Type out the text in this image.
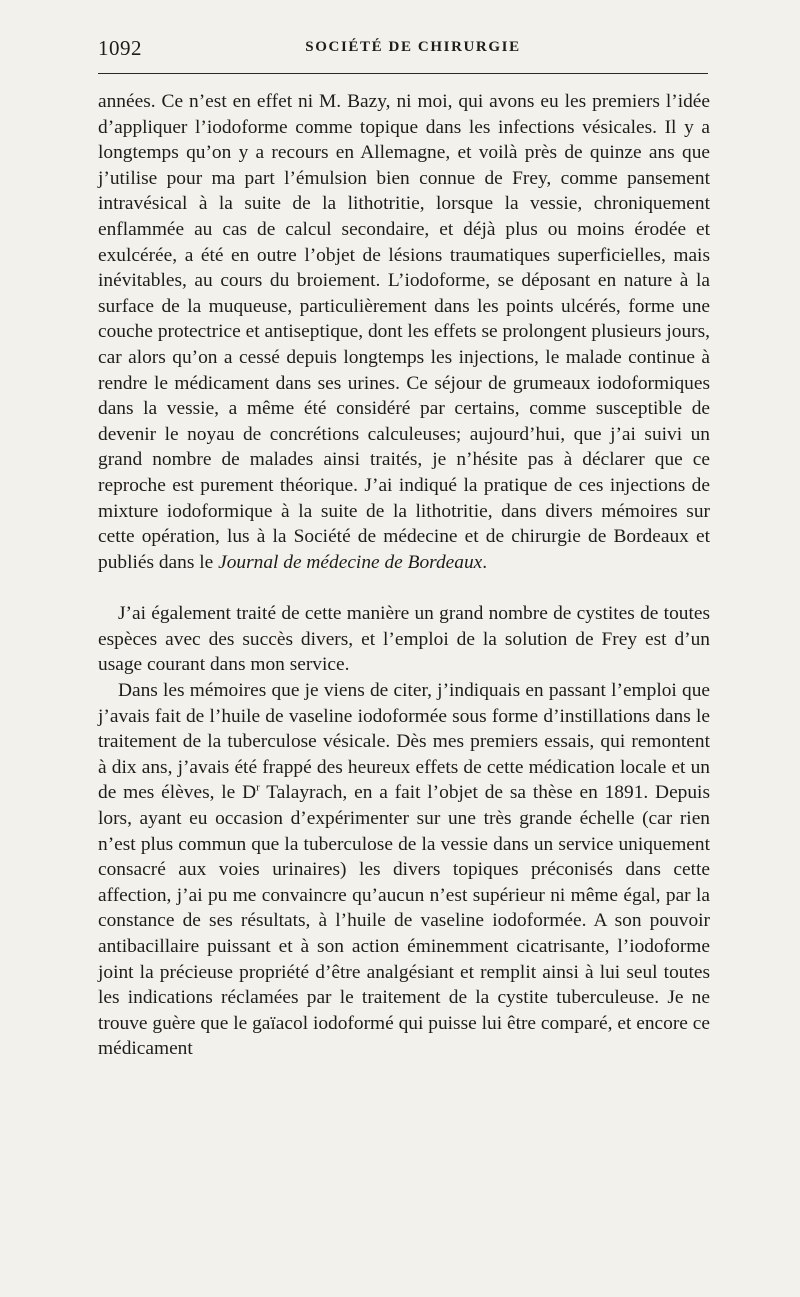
1092	SOCIÉTÉ DE CHIRURGIE

années. Ce n’est en effet ni M. Bazy, ni moi, qui avons eu les premiers l’idée d’appliquer l’iodoforme comme topique dans les infections vésicales. Il y a longtemps qu’on y a recours en Allemagne, et voilà près de quinze ans que j’utilise pour ma part l’émulsion bien connue de Frey, comme pansement intravésical à la suite de la lithotritie, lorsque la vessie, chroniquement enflammée au cas de calcul secondaire, et déjà plus ou moins érodée et exulcérée, a été en outre l’objet de lésions traumatiques superficielles, mais inévitables, au cours du broiement. L’iodoforme, se déposant en nature à la surface de la muqueuse, particulièrement dans les points ulcérés, forme une couche protectrice et antiseptique, dont les effets se prolongent plusieurs jours, car alors qu’on a cessé depuis longtemps les injections, le malade continue à rendre le médicament dans ses urines. Ce séjour de grumeaux iodoformiques dans la vessie, a même été considéré par certains, comme susceptible de devenir le noyau de concrétions calculeuses; aujourd’hui, que j’ai suivi un grand nombre de malades ainsi traités, je n’hésite pas à déclarer que ce reproche est purement théorique. J’ai indiqué la pratique de ces injections de mixture iodoformique à la suite de la lithotritie, dans divers mémoires sur cette opération, lus à la Société de médecine et de chirurgie de Bordeaux et publiés dans le Journal de médecine de Bordeaux.

J’ai également traité de cette manière un grand nombre de cystites de toutes espèces avec des succès divers, et l’emploi de la solution de Frey est d’un usage courant dans mon service.

Dans les mémoires que je viens de citer, j’indiquais en passant l’emploi que j’avais fait de l’huile de vaseline iodoformée sous forme d’instillations dans le traitement de la tuberculose vésicale. Dès mes premiers essais, qui remontent à dix ans, j’avais été frappé des heureux effets de cette médication locale et un de mes élèves, le $D^r$ Talayrach, en a fait l’objet de sa thèse en 1891. Depuis lors, ayant eu occasion d’expérimenter sur une très grande échelle (car rien n’est plus commun que la tuberculose de la vessie dans un service uniquement consacré aux voies urinaires) les divers topiques préconisés dans cette affection, j’ai pu me convaincre qu’aucun n’est supérieur ni même égal, par la constance de ses résultats, à l’huile de vaseline iodoformée. A son pouvoir antibacillaire puissant et à son action éminemment cicatrisante, l’iodoforme joint la précieuse propriété d’être analgésiant et remplit ainsi à lui seul toutes les indications réclamées par le traitement de la cystite tuberculeuse. Je ne trouve guère que le gaïacol iodoformé qui puisse lui être comparé, et encore ce médicament
